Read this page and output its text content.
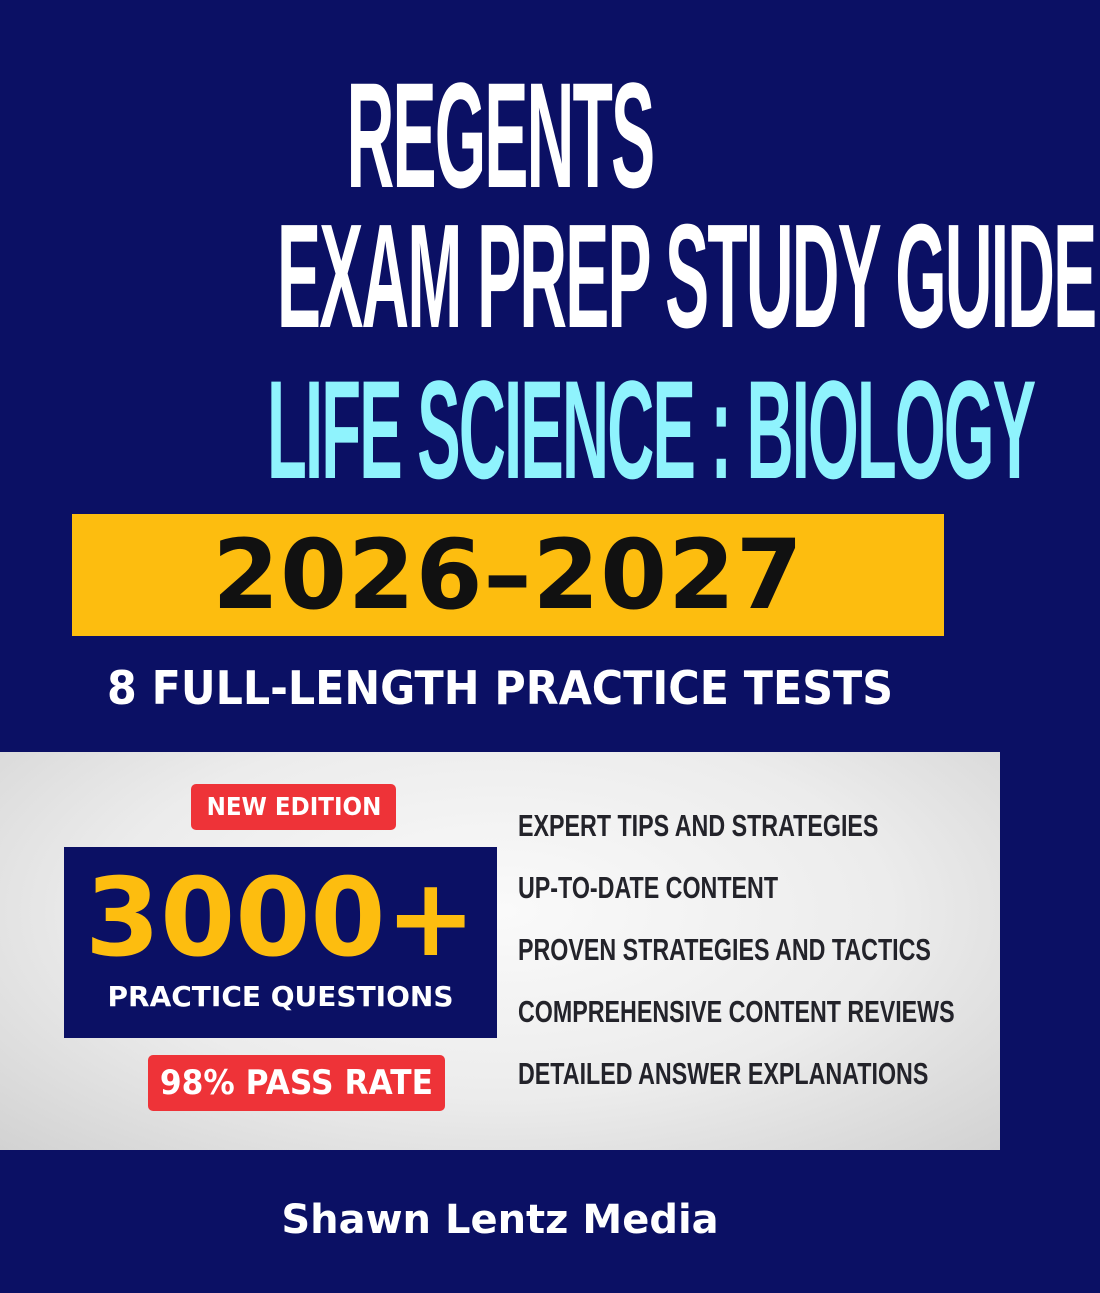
REGENTS
EXAM PREP STUDY GUIDE
LIFE SCIENCE : BIOLOGY
2026–2027
8 FULL-LENGTH PRACTICE TESTS
NEW EDITION
3000+
PRACTICE QUESTIONS
98% PASS RATE
EXPERT TIPS AND STRATEGIES
UP-TO-DATE CONTENT
PROVEN STRATEGIES AND TACTICS
COMPREHENSIVE CONTENT REVIEWS
DETAILED ANSWER EXPLANATIONS
Shawn Lentz Media
